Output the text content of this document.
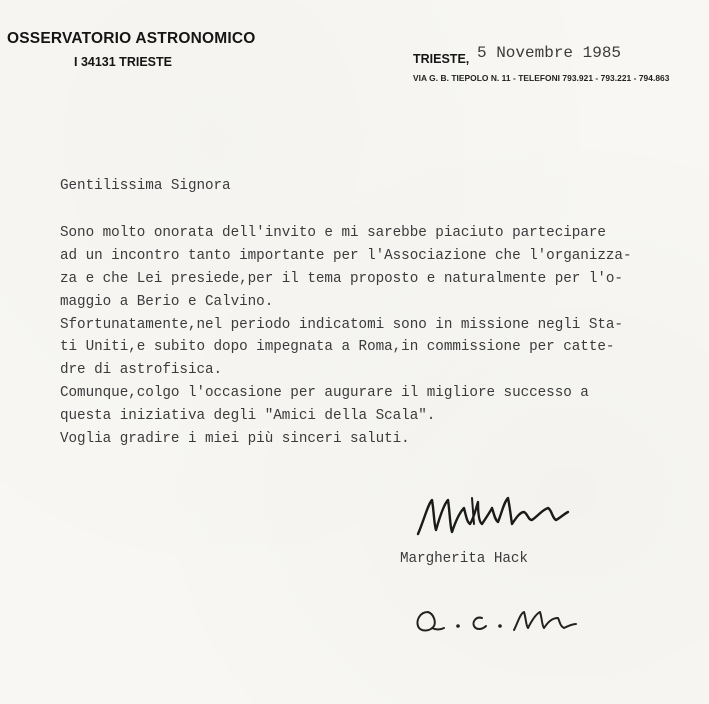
OSSERVATORIO ASTRONOMICO
I 34131 TRIESTE	TRIESTE, 5 Novembre 1985
VIA G. B. TIEPOLO N. 11 - TELEFONI 793.921 - 793.221 - 794.863
Gentilissima Signora
Sono molto onorata dell'invito e mi sarebbe piaciuto partecipare
ad un incontro tanto importante per l'Associazione che l'organizza-
za e che Lei presiede,per il tema proposto e naturalmente per l'o-
maggio a Berio e Calvino.
Sfortunatamente,nel periodo indicatomi sono in missione negli Sta-
ti Uniti,e subito dopo impegnata a Roma,in commissione per catte-
dre di astrofisica.
Comunque,colgo l'occasione per augurare il migliore successo a
questa iniziativa degli "Amici della Scala".
Voglia gradire i miei più sinceri saluti.
Margherita Hack
